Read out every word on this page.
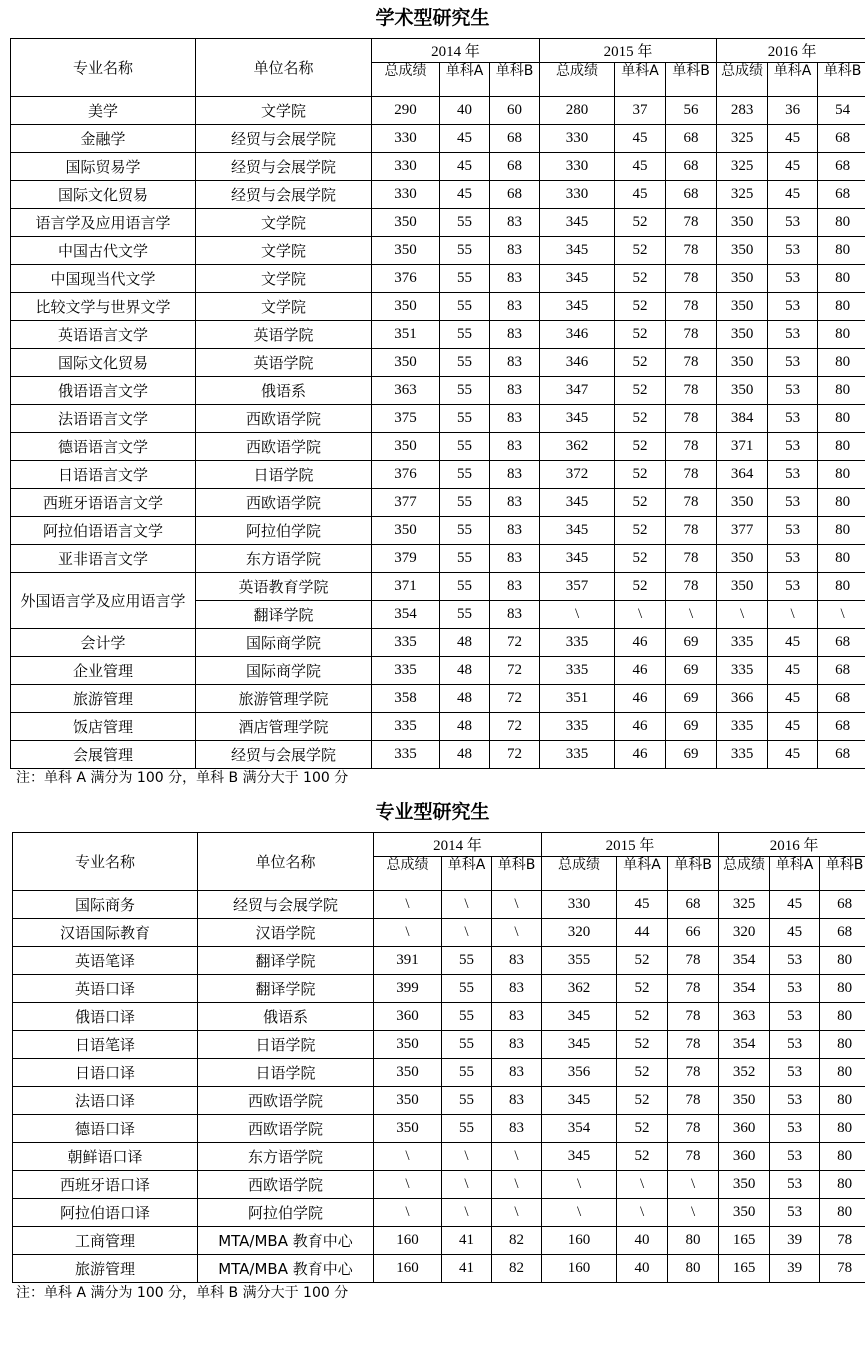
学术型研究生
专业名称	单位名称	2014 年			2015 年			2016 年		
		总成绩	单科A	单科B	总成绩	单科A	单科B	总成绩	单科A	单科B
美学	文学院	290	40	60	280	37	56	283	36	54
金融学	经贸与会展学院	330	45	68	330	45	68	325	45	68
国际贸易学	经贸与会展学院	330	45	68	330	45	68	325	45	68
国际文化贸易	经贸与会展学院	330	45	68	330	45	68	325	45	68
语言学及应用语言学	文学院	350	55	83	345	52	78	350	53	80
中国古代文学	文学院	350	55	83	345	52	78	350	53	80
中国现当代文学	文学院	376	55	83	345	52	78	350	53	80
比较文学与世界文学	文学院	350	55	83	345	52	78	350	53	80
英语语言文学	英语学院	351	55	83	346	52	78	350	53	80
国际文化贸易	英语学院	350	55	83	346	52	78	350	53	80
俄语语言文学	俄语系	363	55	83	347	52	78	350	53	80
法语语言文学	西欧语学院	375	55	83	345	52	78	384	53	80
德语语言文学	西欧语学院	350	55	83	362	52	78	371	53	80
日语语言文学	日语学院	376	55	83	372	52	78	364	53	80
西班牙语语言文学	西欧语学院	377	55	83	345	52	78	350	53	80
阿拉伯语语言文学	阿拉伯学院	350	55	83	345	52	78	377	53	80
亚非语言文学	东方语学院	379	55	83	345	52	78	350	53	80
外国语言学及应用语言学	英语教育学院	371	55	83	357	52	78	350	53	80
	翻译学院	354	55	83	\	\	\	\	\	\
会计学	国际商学院	335	48	72	335	46	69	335	45	68
企业管理	国际商学院	335	48	72	335	46	69	335	45	68
旅游管理	旅游管理学院	358	48	72	351	46	69	366	45	68
饭店管理	酒店管理学院	335	48	72	335	46	69	335	45	68
会展管理	经贸与会展学院	335	48	72	335	46	69	335	45	68
注：单科 A 满分为 100 分，单科 B 满分大于 100 分
专业型研究生
专业名称	单位名称	2014 年			2015 年			2016 年		
		总成绩	单科A	单科B	总成绩	单科A	单科B	总成绩	单科A	单科B
国际商务	经贸与会展学院	\	\	\	330	45	68	325	45	68
汉语国际教育	汉语学院	\	\	\	320	44	66	320	45	68
英语笔译	翻译学院	391	55	83	355	52	78	354	53	80
英语口译	翻译学院	399	55	83	362	52	78	354	53	80
俄语口译	俄语系	360	55	83	345	52	78	363	53	80
日语笔译	日语学院	350	55	83	345	52	78	354	53	80
日语口译	日语学院	350	55	83	356	52	78	352	53	80
法语口译	西欧语学院	350	55	83	345	52	78	350	53	80
德语口译	西欧语学院	350	55	83	354	52	78	360	53	80
朝鲜语口译	东方语学院	\	\	\	345	52	78	360	53	80
西班牙语口译	西欧语学院	\	\	\	\	\	\	350	53	80
阿拉伯语口译	阿拉伯学院	\	\	\	\	\	\	350	53	80
工商管理	MTA/MBA 教育中心	160	41	82	160	40	80	165	39	78
旅游管理	MTA/MBA 教育中心	160	41	82	160	40	80	165	39	78
注：单科 A 满分为 100 分，单科 B 满分大于 100 分
